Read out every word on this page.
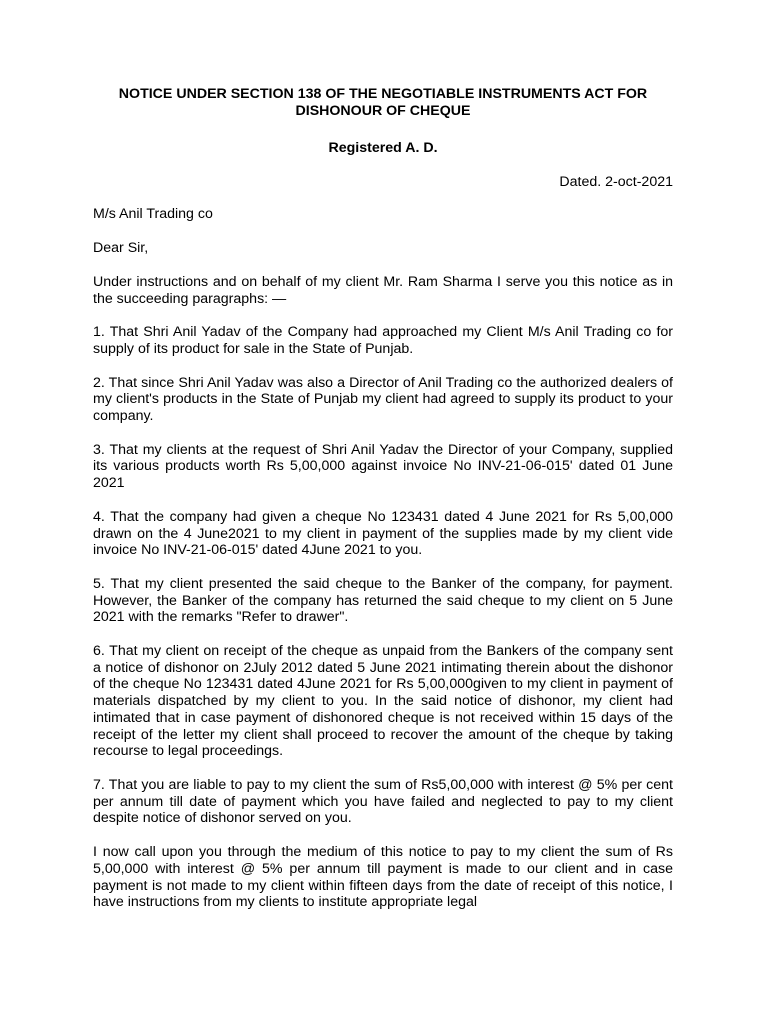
NOTICE UNDER SECTION 138 OF THE NEGOTIABLE INSTRUMENTS ACT FOR DISHONOUR OF CHEQUE
Registered A. D.
Dated. 2-oct-2021
M/s Anil Trading co
Dear Sir,

Under instructions and on behalf of my client Mr. Ram Sharma I serve you this notice as in the succeeding paragraphs: —

1. That Shri Anil Yadav of the Company had approached my Client M/s Anil Trading co for supply of its product for sale in the State of Punjab.

2. That since Shri Anil Yadav was also a Director of Anil Trading co the authorized dealers of my client's products in the State of Punjab my client had agreed to supply its product to your company.

3. That my clients at the request of Shri Anil Yadav the Director of your Company, supplied its various products worth Rs 5,00,000 against invoice No INV-21-06-015' dated 01 June 2021

4. That the company had given a cheque No 123431 dated 4 June 2021 for Rs 5,00,000 drawn on the 4 June2021 to my client in payment of the supplies made by my client vide invoice No INV-21-06-015' dated 4June 2021 to you.

5. That my client presented the said cheque to the Banker of the company, for payment. However, the Banker of the company has returned the said cheque to my client on 5 June 2021 with the remarks "Refer to drawer".

6. That my client on receipt of the cheque as unpaid from the Bankers of the company sent a notice of dishonor on 2July 2012 dated 5 June 2021 intimating therein about the dishonor of the cheque No 123431 dated 4June 2021 for Rs 5,00,000given to my client in payment of materials dispatched by my client to you. In the said notice of dishonor, my client had intimated that in case payment of dishonored cheque is not received within 15 days of the receipt of the letter my client shall proceed to recover the amount of the cheque by taking recourse to legal proceedings.

7. That you are liable to pay to my client the sum of Rs5,00,000 with interest @ 5% per cent per annum till date of payment which you have failed and neglected to pay to my client despite notice of dishonor served on you.

I now call upon you through the medium of this notice to pay to my client the sum of Rs 5,00,000 with interest @ 5% per annum till payment is made to our client and in case payment is not made to my client within fifteen days from the date of receipt of this notice, I have instructions from my clients to institute appropriate legal
